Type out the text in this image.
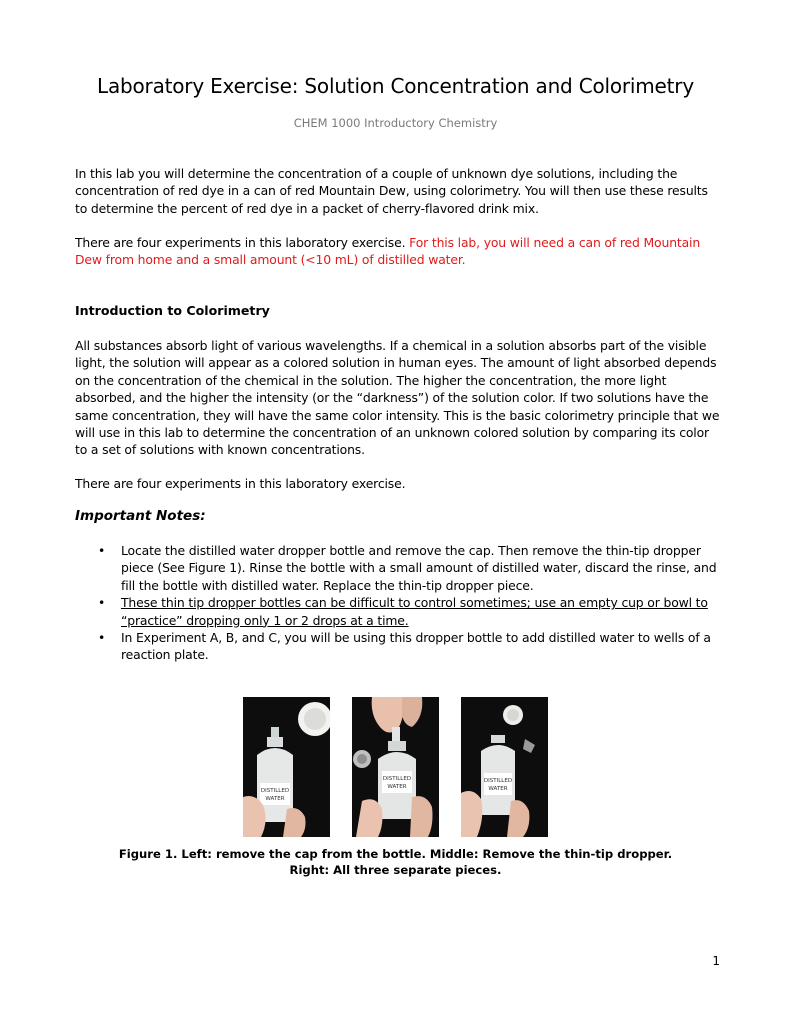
Laboratory Exercise: Solution Concentration and Colorimetry
CHEM 1000 Introductory Chemistry
In this lab you will determine the concentration of a couple of unknown dye solutions, including the concentration of red dye in a can of red Mountain Dew, using colorimetry. You will then use these results to determine the percent of red dye in a packet of cherry-flavored drink mix.
There are four experiments in this laboratory exercise. For this lab, you will need a can of red Mountain Dew from home and a small amount (<10 mL) of distilled water.
Introduction to Colorimetry
All substances absorb light of various wavelengths. If a chemical in a solution absorbs part of the visible light, the solution will appear as a colored solution in human eyes. The amount of light absorbed depends on the concentration of the chemical in the solution. The higher the concentration, the more light absorbed, and the higher the intensity (or the “darkness”) of the solution color. If two solutions have the same concentration, they will have the same color intensity. This is the basic colorimetry principle that we will use in this lab to determine the concentration of an unknown colored solution by comparing its color to a set of solutions with known concentrations.
There are four experiments in this laboratory exercise.
Important Notes:
• Locate the distilled water dropper bottle and remove the cap. Then remove the thin-tip dropper piece (See Figure 1). Rinse the bottle with a small amount of distilled water, discard the rinse, and fill the bottle with distilled water. Replace the thin-tip dropper piece.
• These thin tip dropper bottles can be difficult to control sometimes; use an empty cup or bowl to “practice” dropping only 1 or 2 drops at a time.
• In Experiment A, B, and C, you will be using this dropper bottle to add distilled water to wells of a reaction plate.
DISTILLED
WATER
DISTILLED
WATER
DISTILLED
WATER
Figure 1. Left: remove the cap from the bottle. Middle: Remove the thin-tip dropper.
Right: All three separate pieces.
1
